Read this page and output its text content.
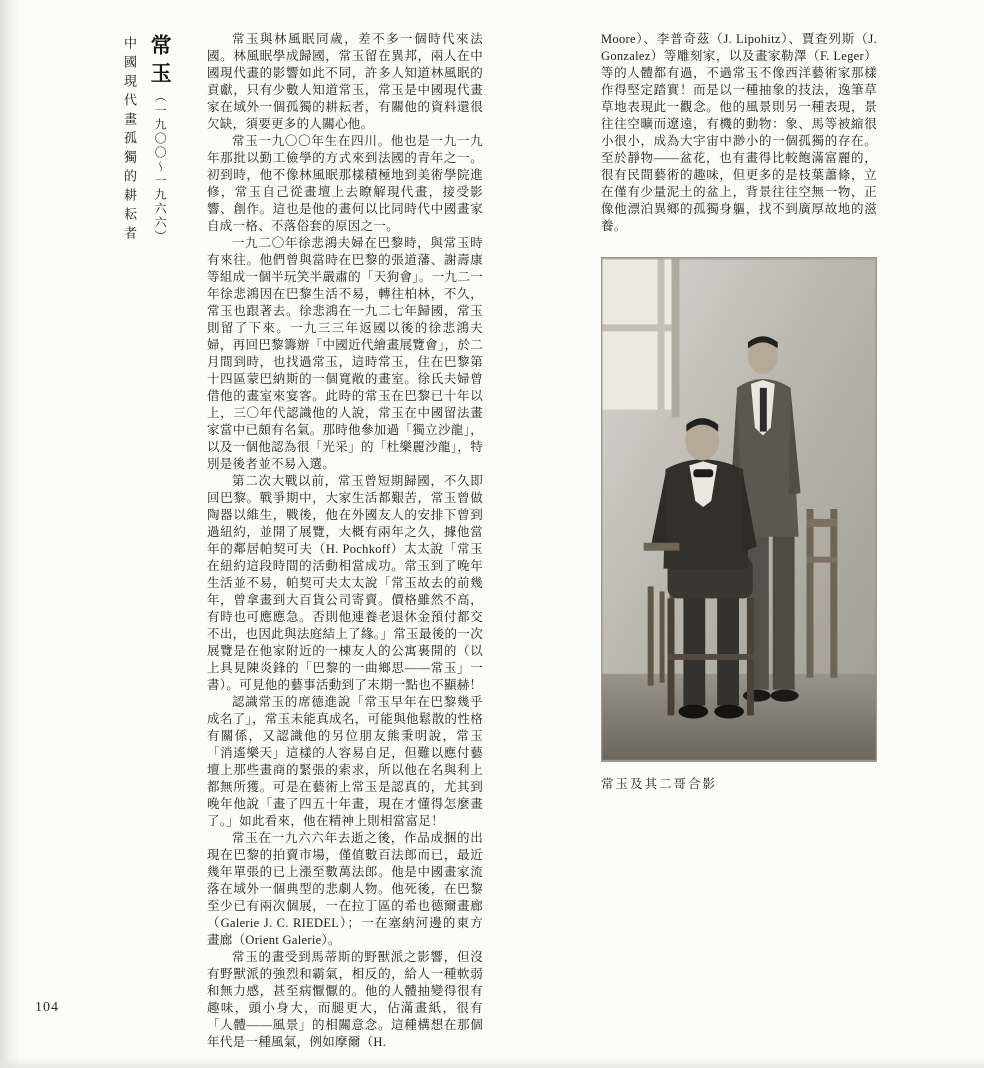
常玉（一九〇〇～一九六六）
中國現代畫孤獨的耕耘者	常玉與林風眠同歲，差不多一個時代來法國。林風眠學成歸國，常玉留在異邦，兩人在中國現代畫的影響如此不同，許多人知道林風眠的貢獻，只有少數人知道常玉，常玉是中國現代畫家在域外一個孤獨的耕耘者，有關他的資料還很欠缺，須要更多的人關心他。

常玉一九〇〇年生在四川。他也是一九一九年那批以勤工儉學的方式來到法國的青年之一。初到時，他不像林風眠那樣積極地到美術學院進修，常玉自己從畫壇上去瞭解現代畫，接受影響、創作。這也是他的畫何以比同時代中國畫家自成一格、不落俗套的原因之一。

一九二〇年徐悲鴻夫婦在巴黎時，與常玉時有來往。他們曾與當時在巴黎的張道藩、謝壽康等組成一個半玩笑半嚴肅的「天狗會」。一九二一年徐悲鴻因在巴黎生活不易，轉往柏林，不久，常玉也跟著去。徐悲鴻在一九二七年歸國，常玉則留了下來。一九三三年返國以後的徐悲鴻夫婦，再回巴黎籌辦「中國近代繪畫展覽會」，於二月間到時，也找過常玉，這時常玉，住在巴黎第十四區蒙巴納斯的一個寬敞的畫室。徐氏夫婦曾借他的畫室來宴客。此時的常玉在巴黎已十年以上，三〇年代認識他的人說，常玉在中國留法畫家當中已頗有名氣。那時他參加過「獨立沙龍」，以及一個他認為很「光采」的「杜樂麗沙龍」，特別是後者並不易入選。

第二次大戰以前，常玉曾短期歸國，不久即回巴黎。戰爭期中，大家生活都艱苦，常玉曾做陶器以維生，戰後，他在外國友人的安排下曾到過紐約，並開了展覽，大概有兩年之久，據他當年的鄰居帕契可夫（H. Pochkoff）太太說「常玉在紐約這段時間的活動相當成功。常玉到了晚年生活並不易，帕契可夫太太說「常玉故去的前幾年，曾拿畫到大百貨公司寄賣。價格雖然不高，有時也可應應急。否則他連養老退休金預付都交不出，也因此與法庭結上了緣。」常玉最後的一次展覽是在他家附近的一棟友人的公寓裏開的（以上具見陳炎鋒的「巴黎的一曲鄉思——常玉」一書）。可見他的藝事活動到了末期一點也不顯赫！

認識常玉的席德進說「常玉早年在巴黎幾乎成名了」，常玉未能真成名，可能與他鬆散的性格有關係，又認識他的另位朋友熊秉明說，常玉「消遙樂天」這樣的人容易自足，但難以應付藝壇上那些畫商的緊張的索求，所以他在名與利上都無所獲。可是在藝術上常玉是認真的，尤其到晚年他說「畫了四五十年畫，現在才懂得怎麼畫了。」如此看來，他在精神上則相當富足！

常玉在一九六六年去逝之後，作品成捆的出現在巴黎的拍賣市場，僅值數百法郎而已，最近幾年單張的已上漲至數萬法郎。他是中國畫家流落在域外一個典型的悲劇人物。他死後，在巴黎至少已有兩次個展，一在拉丁區的希也德爾畫廊（Galerie J. C. RIEDEL）；一在塞納河邊的東方畫廊（Orient Galerie）。

常玉的畫受到馬蒂斯的野獸派之影響，但沒有野獸派的強烈和霸氣，相反的，給人一種軟弱和無力感，甚至病懨懨的。他的人體抽變得很有趣味，頭小身大，而腿更大，佔滿畫紙，很有「人體——風景」的相關意念。這種構想在那個年代是一種風氣，例如摩爾（H.

Moore）、李普奇茲（J. Lipohitz）、賈查列斯（J. Gonzalez）等雕刻家，以及畫家勒澤（F. Leger）等的人體都有過，不過常玉不像西洋藝術家那樣作得堅定踏實！而是以一種抽象的技法，逸筆草草地表現此一觀念。他的風景則另一種表現，景往往空曠而遼遠，有機的動物：象、馬等被縮很小很小，成為大宇宙中渺小的一個孤獨的存在。至於靜物——盆花，也有畫得比較飽滿富麗的，很有民間藝術的趣味，但更多的是枝葉蕭條，立在僅有少量泥土的盆上，背景往往空無一物，正像他漂泊異鄉的孤獨身軀，找不到廣厚故地的滋養。

常玉及其二哥合影
104
